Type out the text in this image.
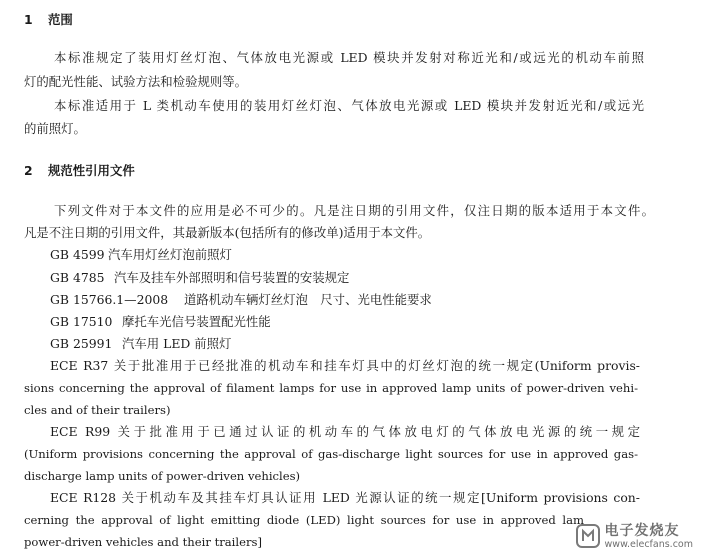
1 范围
本标准规定了装用灯丝灯泡、气体放电光源或 LED 模块并发射对称近光和/或远光的机动车前照
灯的配光性能、试验方法和检验规则等。
本标准适用于 L 类机动车使用的装用灯丝灯泡、气体放电光源或 LED 模块并发射近光和/或远光
的前照灯。
2 规范性引用文件
下列文件对于本文件的应用是必不可少的。凡是注日期的引用文件，仅注日期的版本适用于本文件。
凡是不注日期的引用文件，其最新版本(包括所有的修改单)适用于本文件。
GB 4599 汽车用灯丝灯泡前照灯
GB 4785 汽车及挂车外部照明和信号装置的安装规定
GB 15766.1—2008 道路机动车辆灯丝灯泡　尺寸、光电性能要求
GB 17510 摩托车光信号装置配光性能
GB 25991 汽车用 LED 前照灯
ECE R37 关于批准用于已经批准的机动车和挂车灯具中的灯丝灯泡的统一规定(Uniform provis-
sions concerning the approval of filament lamps for use in approved lamp units of power-driven vehi-
cles and of their trailers)
ECE R99 关于批准用于已通过认证的机动车的气体放电灯的气体放电光源的统一规定
(Uniform provisions concerning the approval of gas-discharge light sources for use in approved gas-
discharge lamp units of power-driven vehicles)
ECE R128 关于机动车及其挂车灯具认证用 LED 光源认证的统一规定[Uniform provisions con-
cerning the approval of light emitting diode (LED) light sources for use in approved lam
power-driven vehicles and their trailers]
电子发烧友
www.elecfans.com
